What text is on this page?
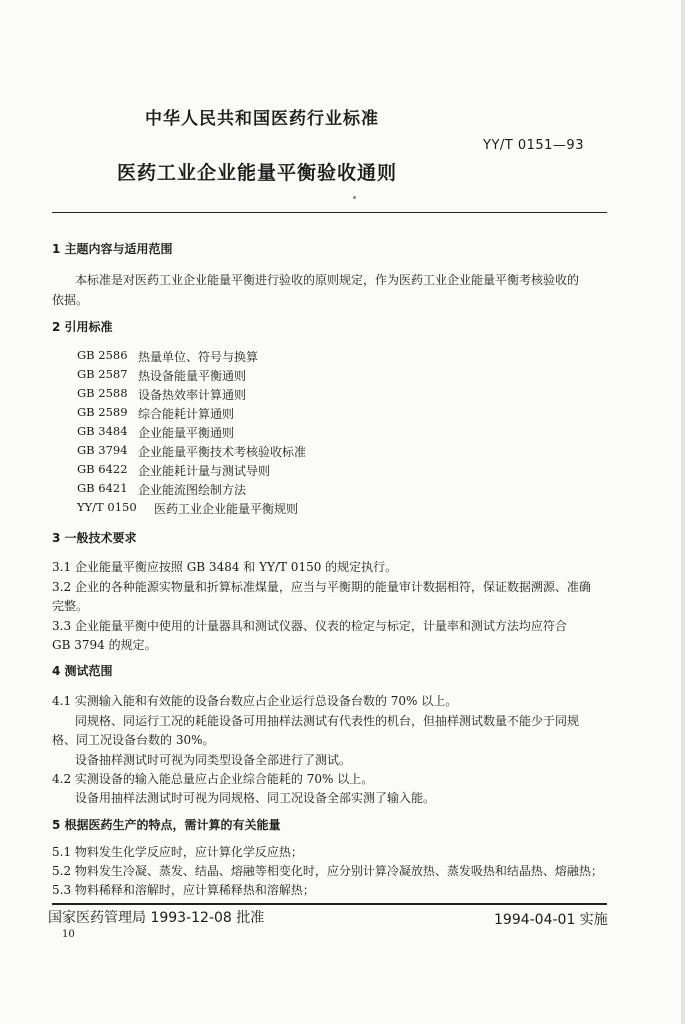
中华人民共和国医药行业标准
YY/T 0151—93
医药工业企业能量平衡验收通则
1 主题内容与适用范围
本标准是对医药工业企业能量平衡进行验收的原则规定，作为医药工业企业能量平衡考核验收的
依据。
2 引用标准
GB 2586 热量单位、符号与换算
GB 2587 热设备能量平衡通则
GB 2588 设备热效率计算通则
GB 2589 综合能耗计算通则
GB 3484 企业能量平衡通则
GB 3794 企业能量平衡技术考核验收标准
GB 6422 企业能耗计量与测试导则
GB 6421 企业能流图绘制方法
YY/T 0150 医药工业企业能量平衡规则
3 一般技术要求
3.1 企业能量平衡应按照 GB 3484 和 YY/T 0150 的规定执行。
3.2 企业的各种能源实物量和折算标准煤量，应当与平衡期的能量审计数据相符，保证数据溯源、准确
完整。
3.3 企业能量平衡中使用的计量器具和测试仪器、仪表的检定与标定，计量率和测试方法均应符合
GB 3794 的规定。
4 测试范围
4.1 实测输入能和有效能的设备台数应占企业运行总设备台数的 70% 以上。
同规格、同运行工况的耗能设备可用抽样法测试有代表性的机台，但抽样测试数量不能少于同规
格、同工况设备台数的 30%。
设备抽样测试时可视为同类型设备全部进行了测试。
4.2 实测设备的输入能总量应占企业综合能耗的 70% 以上。
设备用抽样法测试时可视为同规格、同工况设备全部实测了输入能。
5 根据医药生产的特点，需计算的有关能量
5.1 物料发生化学反应时，应计算化学反应热；
5.2 物料发生冷凝、蒸发、结晶、熔融等相变化时，应分别计算冷凝放热、蒸发吸热和结晶热、熔融热；
5.3 物料稀释和溶解时，应计算稀释热和溶解热；
国家医药管理局 1993-12-08 批准	1994-04-01 实施
10
